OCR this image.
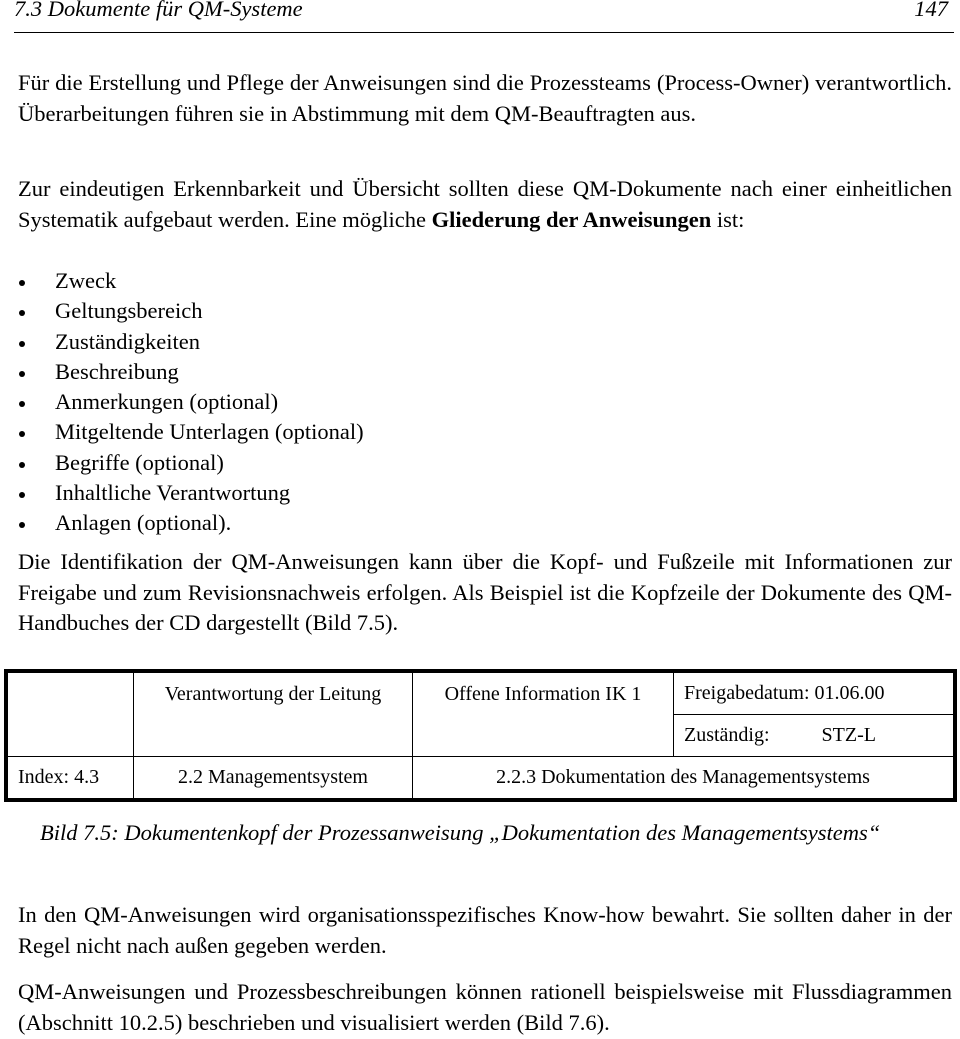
7.3 Dokumente für QM-Systeme	147
Für die Erstellung und Pflege der Anweisungen sind die Prozessteams (Process-Owner) verantwortlich. Überarbeitungen führen sie in Abstimmung mit dem QM-Beauftragten aus.
Zur eindeutigen Erkennbarkeit und Übersicht sollten diese QM-Dokumente nach einer einheitlichen Systematik aufgebaut werden. Eine mögliche Gliederung der Anweisungen ist:
Zweck
Geltungsbereich
Zuständigkeiten
Beschreibung
Anmerkungen (optional)
Mitgeltende Unterlagen (optional)
Begriffe (optional)
Inhaltliche Verantwortung
Anlagen (optional).
Die Identifikation der QM-Anweisungen kann über die Kopf- und Fußzeile mit Informationen zur Freigabe und zum Revisionsnachweis erfolgen. Als Beispiel ist die Kopfzeile der Dokumente des QM-Handbuches der CD dargestellt (Bild 7.5).
	Verantwortung der Leitung	Offene Information IK 1	Freigabedatum: 01.06.00
			Zuständig: STZ-L
Index: 4.3	2.2 Managementsystem	2.2.3 Dokumentation des Managementsystems	
Bild 7.5: Dokumentenkopf der Prozessanweisung „Dokumentation des Managementsystems“
In den QM-Anweisungen wird organisationsspezifisches Know-how bewahrt. Sie sollten daher in der Regel nicht nach außen gegeben werden.
QM-Anweisungen und Prozessbeschreibungen können rationell beispielsweise mit Flussdiagrammen (Abschnitt 10.2.5) beschrieben und visualisiert werden (Bild 7.6).
